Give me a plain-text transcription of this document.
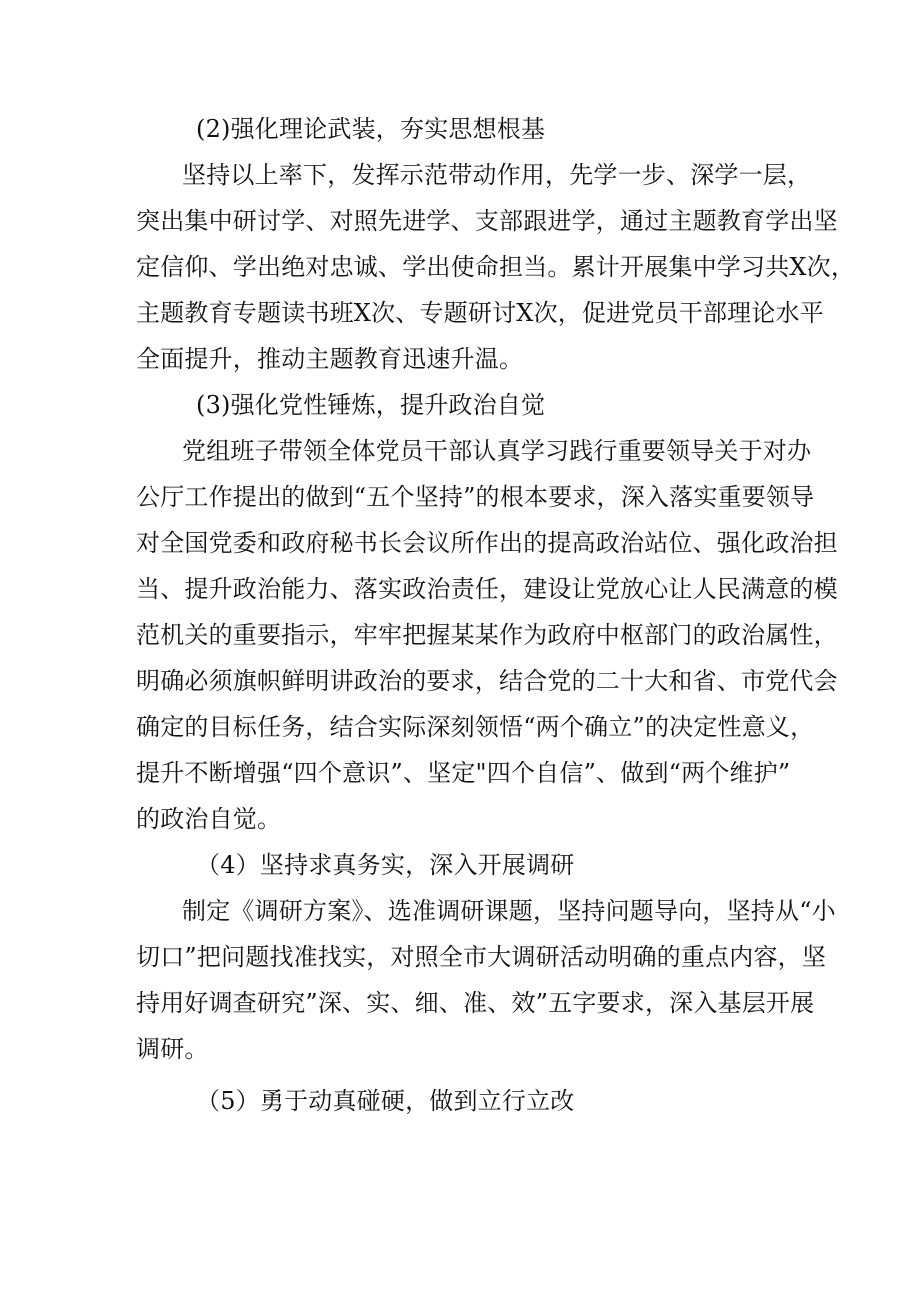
(2)强化理论武装，夯实思想根基
坚持以上率下，发挥示范带动作用，先学一步、深学一层，
突出集中研讨学、对照先进学、支部跟进学，通过主题教育学出坚
定信仰、学出绝对忠诚、学出使命担当。累计开展集中学习共X次，
主题教育专题读书班X次、专题研讨X次，促进党员干部理论水平
全面提升，推动主题教育迅速升温。
(3)强化党性锤炼，提升政治自觉
党组班子带领全体党员干部认真学习践行重要领导关于对办
公厅工作提出的做到“五个坚持”的根本要求，深入落实重要领导
对全国党委和政府秘书长会议所作出的提高政治站位、强化政治担
当、提升政治能力、落实政治责任，建设让党放心让人民满意的模
范机关的重要指示，牢牢把握某某作为政府中枢部门的政治属性，
明确必须旗帜鲜明讲政治的要求，结合党的二十大和省、市党代会
确定的目标任务，结合实际深刻领悟“两个确立”的决定性意义，
提升不断增强“四个意识”、坚定"四个自信”、做到“两个维护”
的政治自觉。
（4）坚持求真务实，深入开展调研
制定《调研方案》、选准调研课题，坚持问题导向，坚持从“小
切口”把问题找准找实，对照全市大调研活动明确的重点内容，坚
持用好调查研究”深、实、细、准、效”五字要求，深入基层开展
调研。
（5）勇于动真碰硬，做到立行立改
